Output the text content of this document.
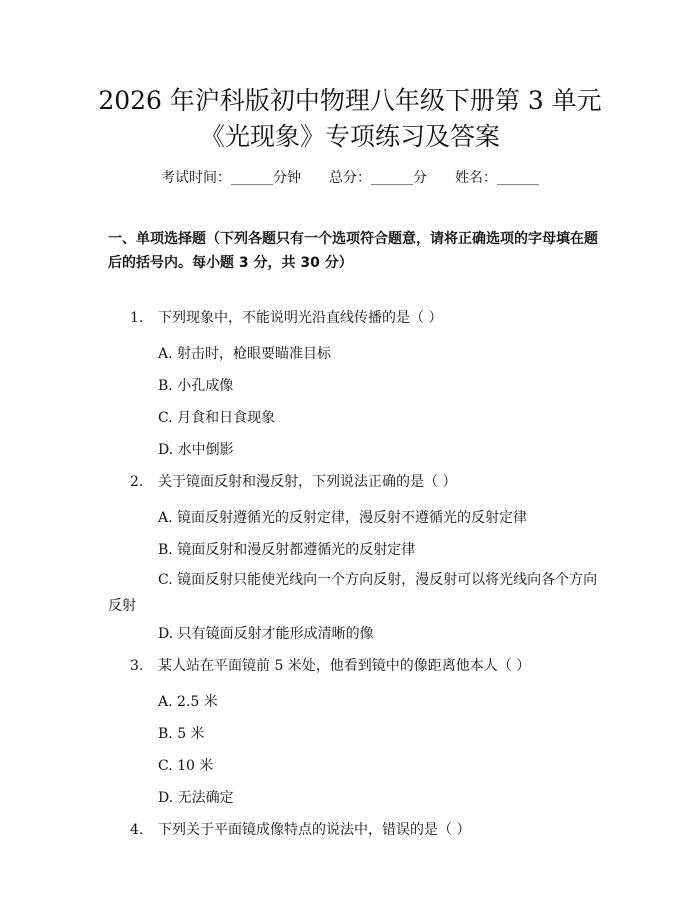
2026 年沪科版初中物理八年级下册第 3 单元
《光现象》专项练习及答案
考试时间：______分钟　　总分：______分　　姓名：______

一、单项选择题（下列各题只有一个选项符合题意，请将正确选项的字母填在题后的括号内。每小题 3 分，共 30 分）

1. 下列现象中，不能说明光沿直线传播的是（ ）
A. 射击时，枪眼要瞄准目标
B. 小孔成像
C. 月食和日食现象
D. 水中倒影
2. 关于镜面反射和漫反射，下列说法正确的是（ ）
A. 镜面反射遵循光的反射定律，漫反射不遵循光的反射定律
B. 镜面反射和漫反射都遵循光的反射定律
C. 镜面反射只能使光线向一个方向反射，漫反射可以将光线向各个方向反射
D. 只有镜面反射才能形成清晰的像
3. 某人站在平面镜前 5 米处，他看到镜中的像距离他本人（ ）
A. 2.5 米
B. 5 米
C. 10 米
D. 无法确定
4. 下列关于平面镜成像特点的说法中，错误的是（ ）
